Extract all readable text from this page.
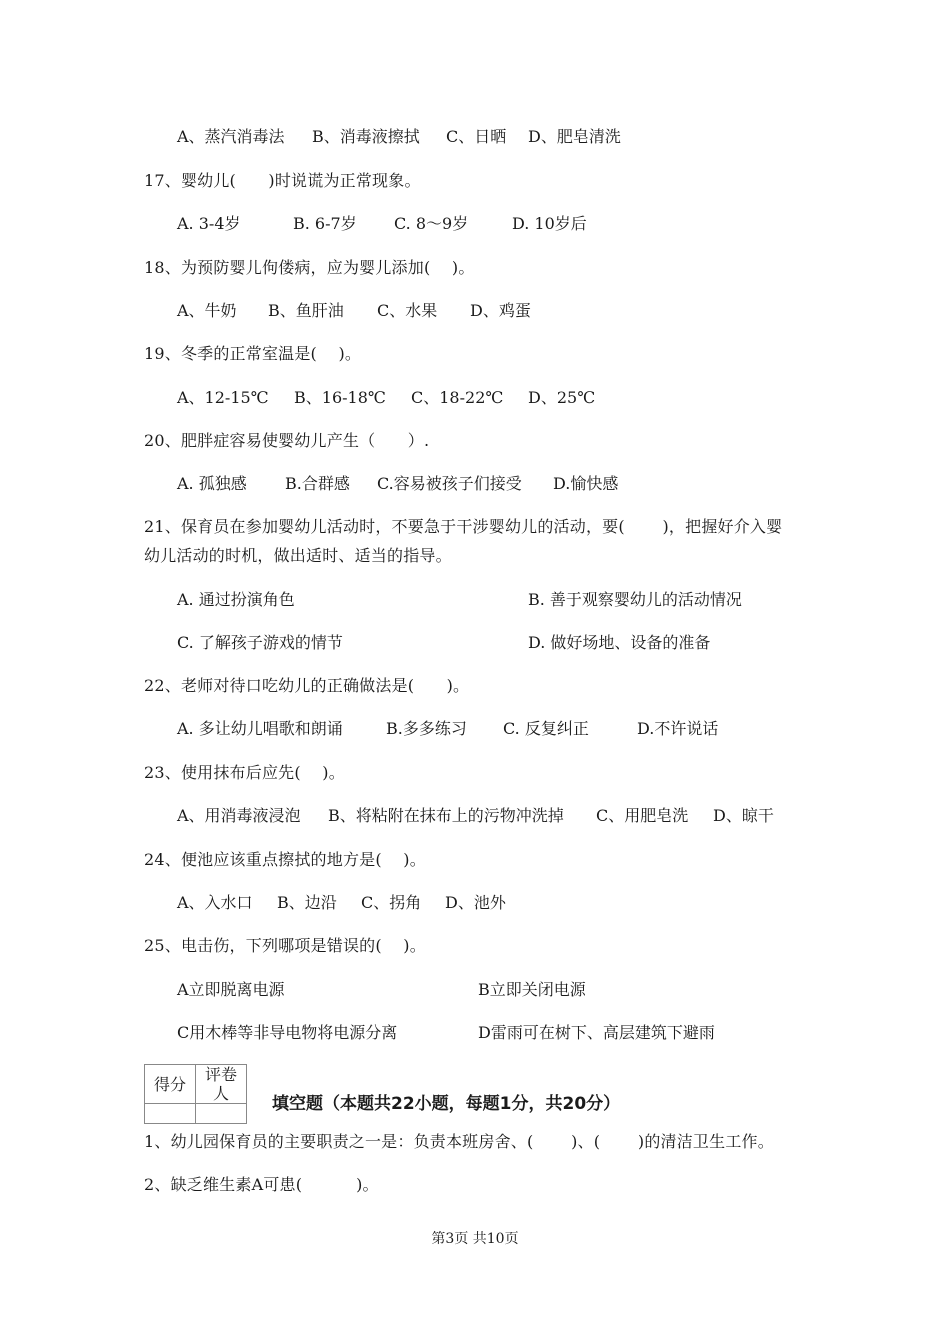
A、蒸汽消毒法 B、消毒液擦拭 C、日晒 D、肥皂清洗
17、婴幼儿(　　)时说谎为正常现象。
A. 3-4岁	B. 6-7岁 C. 8～9岁	D. 10岁后
18、为预防婴儿佝偻病，应为婴儿添加(　 )。
A、牛奶 B、鱼肝油 C、水果 D、鸡蛋
19、冬季的正常室温是(　 )。
A、12-15℃ B、16-18℃ C、18-22℃ D、25℃
20、肥胖症容易使婴幼儿产生（　　）.
A. 孤独感 B.合群感 C.容易被孩子们接受 D.愉快感
21、保育员在参加婴幼儿活动时，不要急于干涉婴幼儿的活动，要(　　 )，把握好介入婴
幼儿活动的时机，做出适时、适当的指导。
A. 通过扮演角色	B. 善于观察婴幼儿的活动情况
C. 了解孩子游戏的情节	D. 做好场地、设备的准备
22、老师对待口吃幼儿的正确做法是(　　)。
A. 多让幼儿唱歌和朗诵	B.多多练习 C. 反复纠正	D.不许说话
23、使用抹布后应先(　 )。
A、用消毒液浸泡 B、将粘附在抹布上的污物冲洗掉 C、用肥皂洗 D、晾干
24、便池应该重点擦拭的地方是(　 )。
A、入水口 B、边沿 C、拐角 D、池外
25、电击伤，下列哪项是错误的(　 )。
A立即脱离电源	B立即关闭电源
C用木棒等非导电物将电源分离	D雷雨可在树下、高层建筑下避雨
得分	评卷人

填空题（本题共22小题，每题1分，共20分）
1、幼儿园保育员的主要职责之一是：负责本班房舍、(　　 )、(　　 )的清洁卫生工作。
2、缺乏维生素A可患(　　　 )。
第3页 共10页
